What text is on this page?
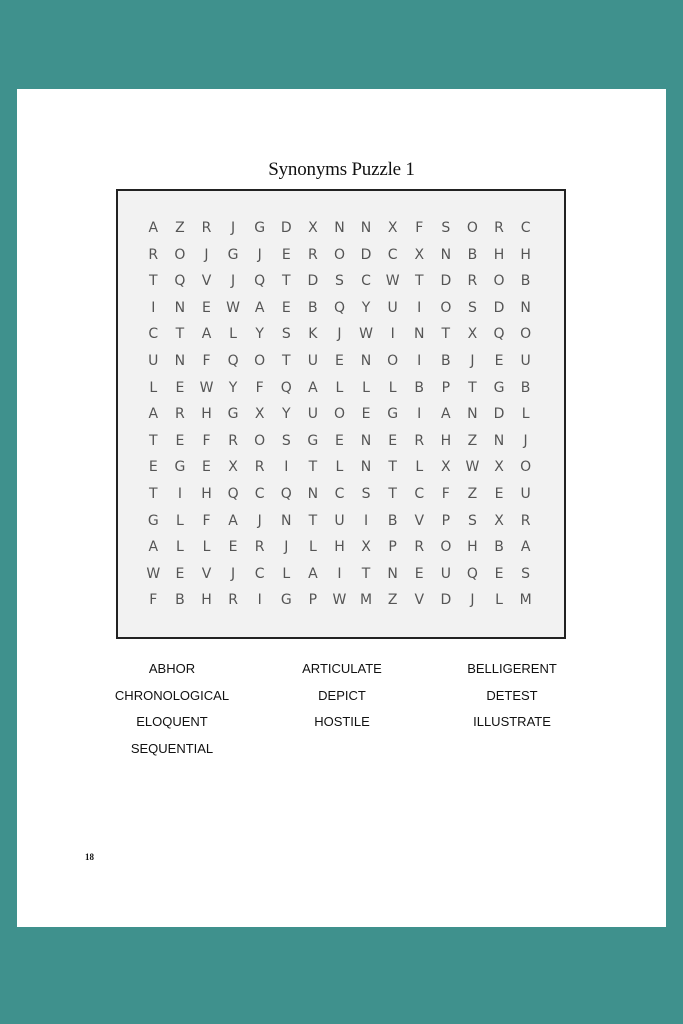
Synonyms Puzzle 1
A	Z	R	J	G	D	X	N	N	X	F	S	O	R	C
R	O	J	G	J	E	R	O	D	C	X	N	B	H	H
T	Q	V	J	Q	T	D	S	C	W	T	D	R	O	B
I	N	E	W	A	E	B	Q	Y	U	I	O	S	D	N
C	T	A	L	Y	S	K	J	W	I	N	T	X	Q	O
U	N	F	Q	O	T	U	E	N	O	I	B	J	E	U
L	E	W	Y	F	Q	A	L	L	L	B	P	T	G	B
A	R	H	G	X	Y	U	O	E	G	I	A	N	D	L
T	E	F	R	O	S	G	E	N	E	R	H	Z	N	J
E	G	E	X	R	I	T	L	N	T	L	X	W	X	O
T	I	H	Q	C	Q	N	C	S	T	C	F	Z	E	U
G	L	F	A	J	N	T	U	I	B	V	P	S	X	R
A	L	L	E	R	J	L	H	X	P	R	O	H	B	A
W	E	V	J	C	L	A	I	T	N	E	U	Q	E	S
F	B	H	R	I	G	P	W M	Z	V	D	J	L	M
ABHOR	ARTICULATE	BELLIGERENT
CHRONOLOGICAL	DEPICT	DETEST
ELOQUENT	HOSTILE	ILLUSTRATE
SEQUENTIAL
18
